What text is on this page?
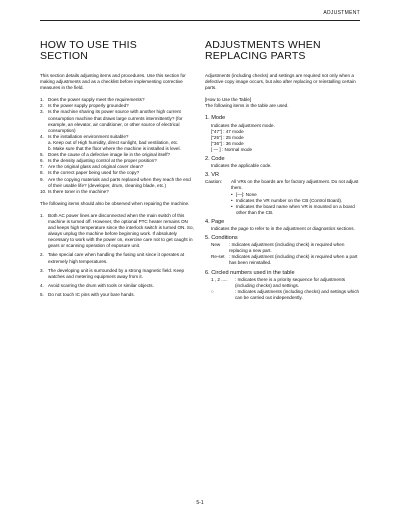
ADJUSTMENT
HOW TO USE THIS
SECTION

This section details adjusting items and procedures. Use this section for making adjustments and as a checklist before implementing corrective measures in the field.

1. Does the power supply meet the requirements?
2. Is the power supply properly grounded?
3. Is the machine sharing its power source with another high current consumption machine that draws large currents intermittently? (for example, an elevator, air conditioner, or other source of electrical consumption)
4. Is the installation environment suitable?
a. Keep out of High humidity, direct sunlight, bad ventilation, etc.
b. Make sure that the floor where the machine is installed is level.
5. Does the cause of a defective image lie in the original itself?
6. Is the density adjusting control at the proper position?
7. Are the original glass and original cover clean?
8. Is the correct paper being used for the copy?
9. Are the copying materials and parts replaced when they reach the end of their usable life? (developer, drum, cleaning blade, etc.)
10. Is there toner in the machine?

The following items should also be observed when repairing the machine.

1. Both AC power lines are disconnected when the main switch of this machine is turned off. However, the optional PTC heater remains ON and keeps high temperature since the interlock switch is turned ON. So, always unplug the machine before beginning work. If absolutely necessary to work with the power on, exercise care not to get caught in gears or scanning operation of exposure unit.
2. Take special care when handling the fusing unit since it operates at extremely high temperatures.
3. The developing unit is surrounded by a strong magnetic field. Keep watches and metering equipment away from it.
4. Avoid scarring the drum with tools or similar objects.
5. Do not touch IC pins with your bare hands.
ADJUSTMENTS WHEN
REPLACING PARTS

Adjustments (including checks) and settings are required not only when a defective copy image occurs, but also after replacing or reinstalling certain parts.

[How to Use the Table]

The following items in the table are used.

1. Mode
Indicates the adjustment mode.
["47"] : 47 mode
["25"] : 25 mode
["36"] : 36 mode
[ — ] : Normal mode
2. Code
Indicates the applicable code.
3. VR
Caution:	All VRs on the boards are for factory adjustment. Do not adjust them.
• [—]: None
• Indicates the VR number on the CB (Control Board).
• Indicates the board name when VR is mounted on a board other than the CB.
4. Page
Indicates the page to refer to in the adjustment or diagnostics sections.
5. Conditions
New	: Indicates adjustment (including check) is required when replacing a new part.
Re-set : Indicates adjustment (including check) is required when a part has been reinstalled.
6. Circled numbers used in the table
1 , 2 .....	: Indicates there is a priority sequence for adjustments (including checks) and settings.
○	: Indicates adjustments (including checks) and settings which can be carried out independently.
5-1
